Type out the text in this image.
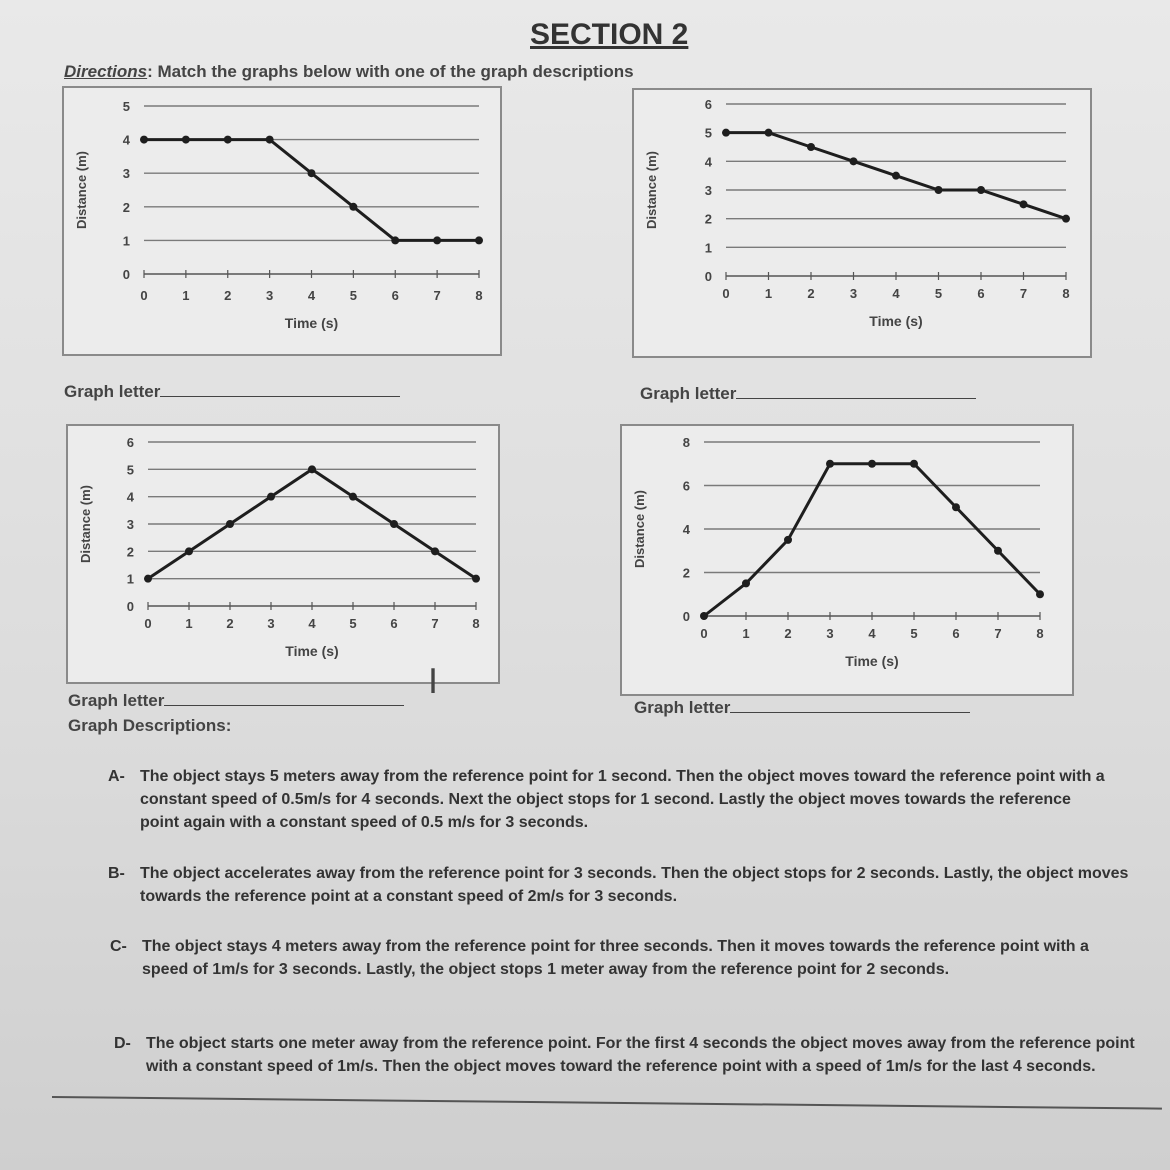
SECTION 2
Directions: Match the graphs below with one of the graph descriptions
0
1
2
3
4
5
0	1	2	3	4	5	6	7	8
Time (s)
Distance (m)
Graph letter
0
1
2
3
4
5
6
0	1	2	3	4	5	6	7	8
Time (s)
Distance (m)
Graph letter
0
1
2
3
4
5
6
0	1	2	3	4	5	6	7	8
Time (s)
Distance (m)
Graph letter
0
2
4
6
8
0	1	2	3	4	5	6	7	8
Time (s)
Distance (m)
Graph letter
I
Graph Descriptions:
A- The object stays 5 meters away from the reference point for 1 second. Then the object moves toward the reference point with a constant speed of 0.5m/s for 4 seconds. Next the object stops for 1 second. Lastly the object moves towards the reference point again with a constant speed of 0.5 m/s for 3 seconds.
B- The object accelerates away from the reference point for 3 seconds. Then the object stops for 2 seconds. Lastly, the object moves towards the reference point at a constant speed of 2m/s for 3 seconds.
C- The object stays 4 meters away from the reference point for three seconds. Then it moves towards the reference point with a speed of 1m/s for 3 seconds. Lastly, the object stops 1 meter away from the reference point for 2 seconds.
D- The object starts one meter away from the reference point. For the first 4 seconds the object moves away from the reference point with a constant speed of 1m/s. Then the object moves toward the reference point with a speed of 1m/s for the last 4 seconds.
